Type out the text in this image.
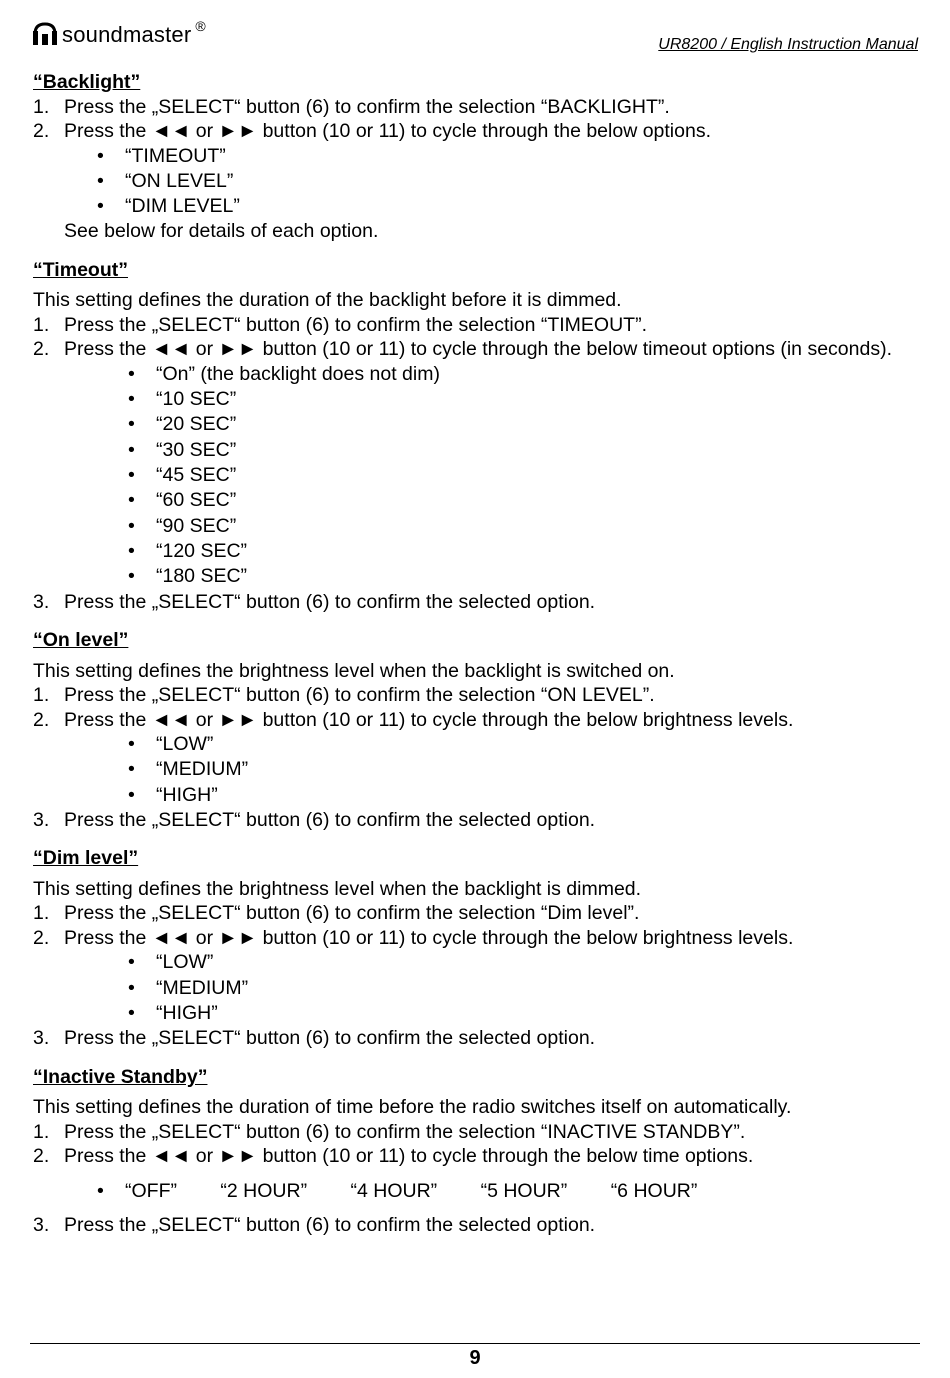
soundmaster ®
UR8200 / English Instruction Manual

“Backlight”

1. Press the „SELECT“ button (6) to confirm the selection “BACKLIGHT”.
2. Press the ◄◄ or ►► button (10 or 11) to cycle through the below options.
• “TIMEOUT”
• “ON LEVEL”
• “DIM LEVEL”

See below for details of each option.

“Timeout”

This setting defines the duration of the backlight before it is dimmed.

1. Press the „SELECT“ button (6) to confirm the selection “TIMEOUT”.
2. Press the ◄◄ or ►► button (10 or 11) to cycle through the below timeout options (in seconds).
• “On” (the backlight does not dim)
• “10 SEC”
• “20 SEC”
• “30 SEC”
• “45 SEC”
• “60 SEC”
• “90 SEC”
• “120 SEC”
• “180 SEC”
3. Press the „SELECT“ button (6) to confirm the selected option.

“On level”

This setting defines the brightness level when the backlight is switched on.

1. Press the „SELECT“ button (6) to confirm the selection “ON LEVEL”.
2. Press the ◄◄ or ►► button (10 or 11) to cycle through the below brightness levels.
• “LOW”
• “MEDIUM”
• “HIGH”
3. Press the „SELECT“ button (6) to confirm the selected option.

“Dim level”

This setting defines the brightness level when the backlight is dimmed.

1. Press the „SELECT“ button (6) to confirm the selection “Dim level”.
2. Press the ◄◄ or ►► button (10 or 11) to cycle through the below brightness levels.
• “LOW”
• “MEDIUM”
• “HIGH”
3. Press the „SELECT“ button (6) to confirm the selected option.

“Inactive Standby”

This setting defines the duration of time before the radio switches itself on automatically.

1. Press the „SELECT“ button (6) to confirm the selection “INACTIVE STANDBY”.
2. Press the ◄◄ or ►► button (10 or 11) to cycle through the below time options.
• “OFF” “2 HOUR” “4 HOUR” “5 HOUR” “6 HOUR”
3. Press the „SELECT“ button (6) to confirm the selected option.
9
